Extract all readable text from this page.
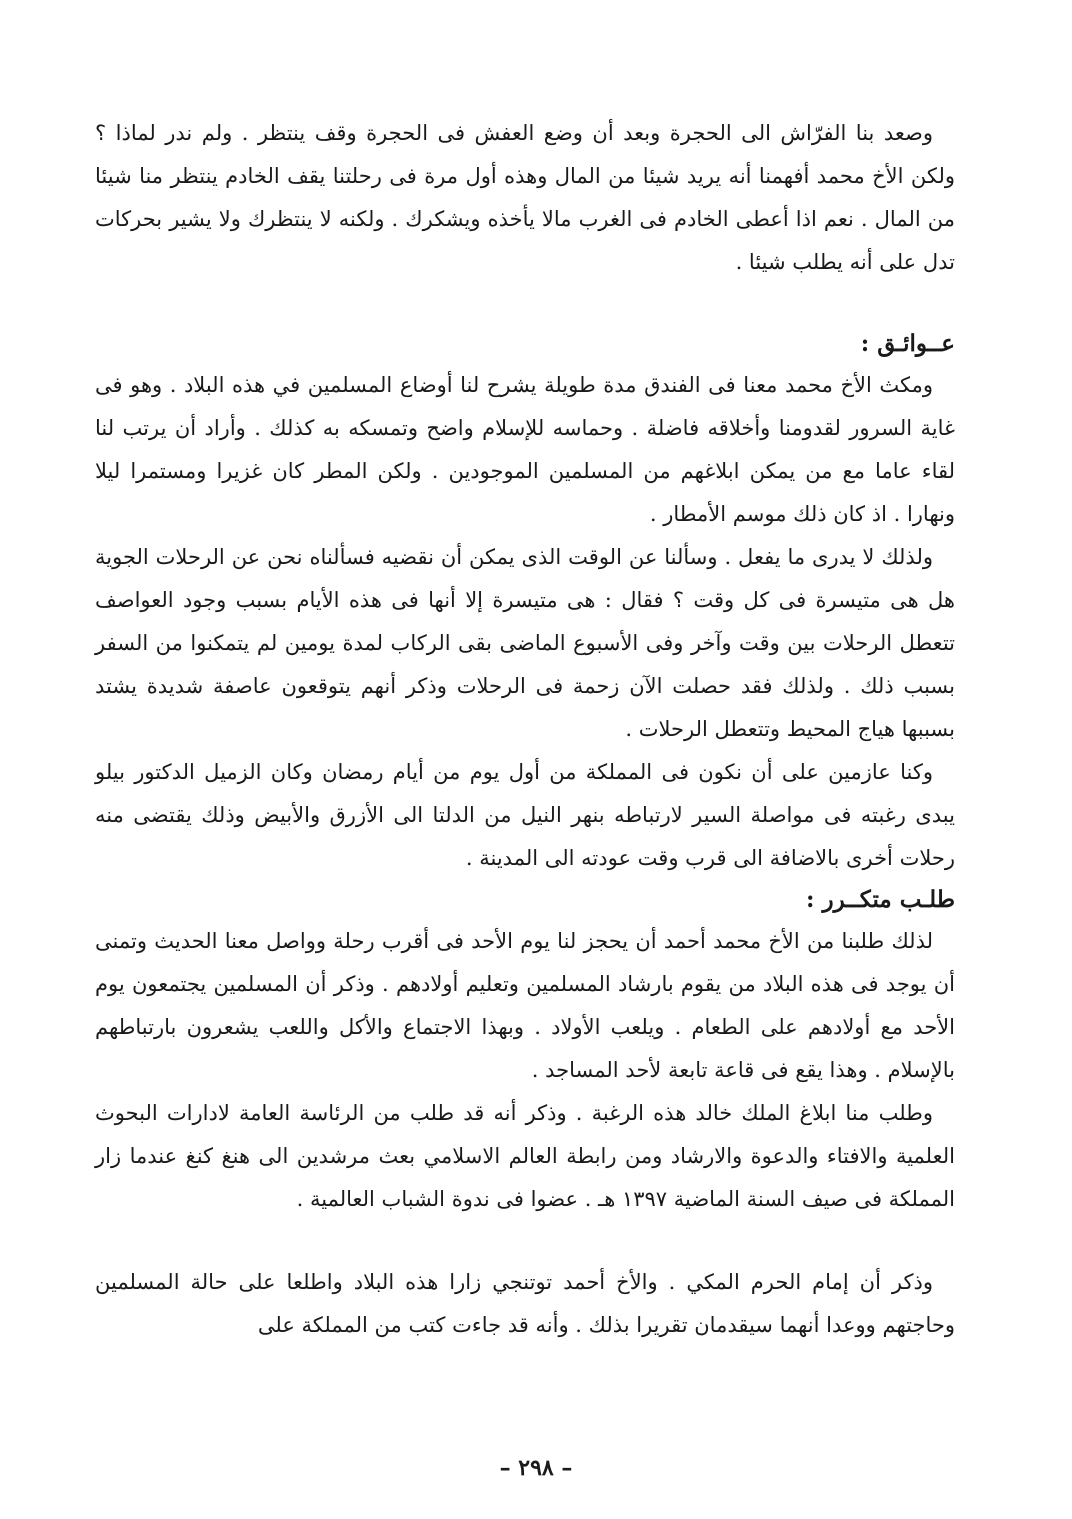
وصعد بنا الفرّاش الى الحجرة وبعد أن وضع العفش فى الحجرة وقف ينتظر . ولم ندر لماذا ؟ ولكن الأخ محمد أفهمنا أنه يريد شيئا من المال وهذه أول مرة فى رحلتنا يقف الخادم ينتظر منا شيئا من المال . نعم اذا أعطى الخادم فى الغرب مالا يأخذه ويشكرك . ولكنه لا ينتظرك ولا يشير بحركات تدل على أنه يطلب شيئا .

عــوائـق :

ومكث الأخ محمد معنا فى الفندق مدة طويلة يشرح لنا أوضاع المسلمين في هذه البلاد . وهو فى غاية السرور لقدومنا وأخلاقه فاضلة . وحماسه للإسلام واضح وتمسكه به كذلك . وأراد أن يرتب لنا لقاء عاما مع من يمكن ابلاغهم من المسلمين الموجودين . ولكن المطر كان غزيرا ومستمرا ليلا ونهارا . اذ كان ذلك موسم الأمطار .

ولذلك لا يدرى ما يفعل . وسألنا عن الوقت الذى يمكن أن نقضيه فسألناه نحن عن الرحلات الجوية هل هى متيسرة فى كل وقت ؟ فقال : هى متيسرة إلا أنها فى هذه الأيام بسبب وجود العواصف تتعطل الرحلات بين وقت وآخر وفى الأسبوع الماضى بقى الركاب لمدة يومين لم يتمكنوا من السفر بسبب ذلك . ولذلك فقد حصلت الآن زحمة فى الرحلات وذكر أنهم يتوقعون عاصفة شديدة يشتد بسببها هياج المحيط وتتعطل الرحلات .

وكنا عازمين على أن نكون فى المملكة من أول يوم من أيام رمضان وكان الزميل الدكتور بيلو يبدى رغبته فى مواصلة السير لارتباطه بنهر النيل من الدلتا الى الأزرق والأبيض وذلك يقتضى منه رحلات أخرى بالاضافة الى قرب وقت عودته الى المدينة .

طلـب متكــرر :

لذلك طلبنا من الأخ محمد أحمد أن يحجز لنا يوم الأحد فى أقرب رحلة وواصل معنا الحديث وتمنى أن يوجد فى هذه البلاد من يقوم بارشاد المسلمين وتعليم أولادهم . وذكر أن المسلمين يجتمعون يوم الأحد مع أولادهم على الطعام . ويلعب الأولاد . وبهذا الاجتماع والأكل واللعب يشعرون بارتباطهم بالإسلام . وهذا يقع فى قاعة تابعة لأحد المساجد .

وطلب منا ابلاغ الملك خالد هذه الرغبة . وذكر أنه قد طلب من الرئاسة العامة لادارات البحوث العلمية والافتاء والدعوة والارشاد ومن رابطة العالم الاسلامي بعث مرشدين الى هنغ كنغ عندما زار المملكة فى صيف السنة الماضية ١٣٩٧ هـ . عضوا فى ندوة الشباب العالمية .

وذكر أن إمام الحرم المكي . والأخ أحمد توتنجي زارا هذه البلاد واطلعا على حالة المسلمين وحاجتهم ووعدا أنهما سيقدمان تقريرا بذلك . وأنه قد جاءت كتب من المملكة على

– ٢٩٨ –
